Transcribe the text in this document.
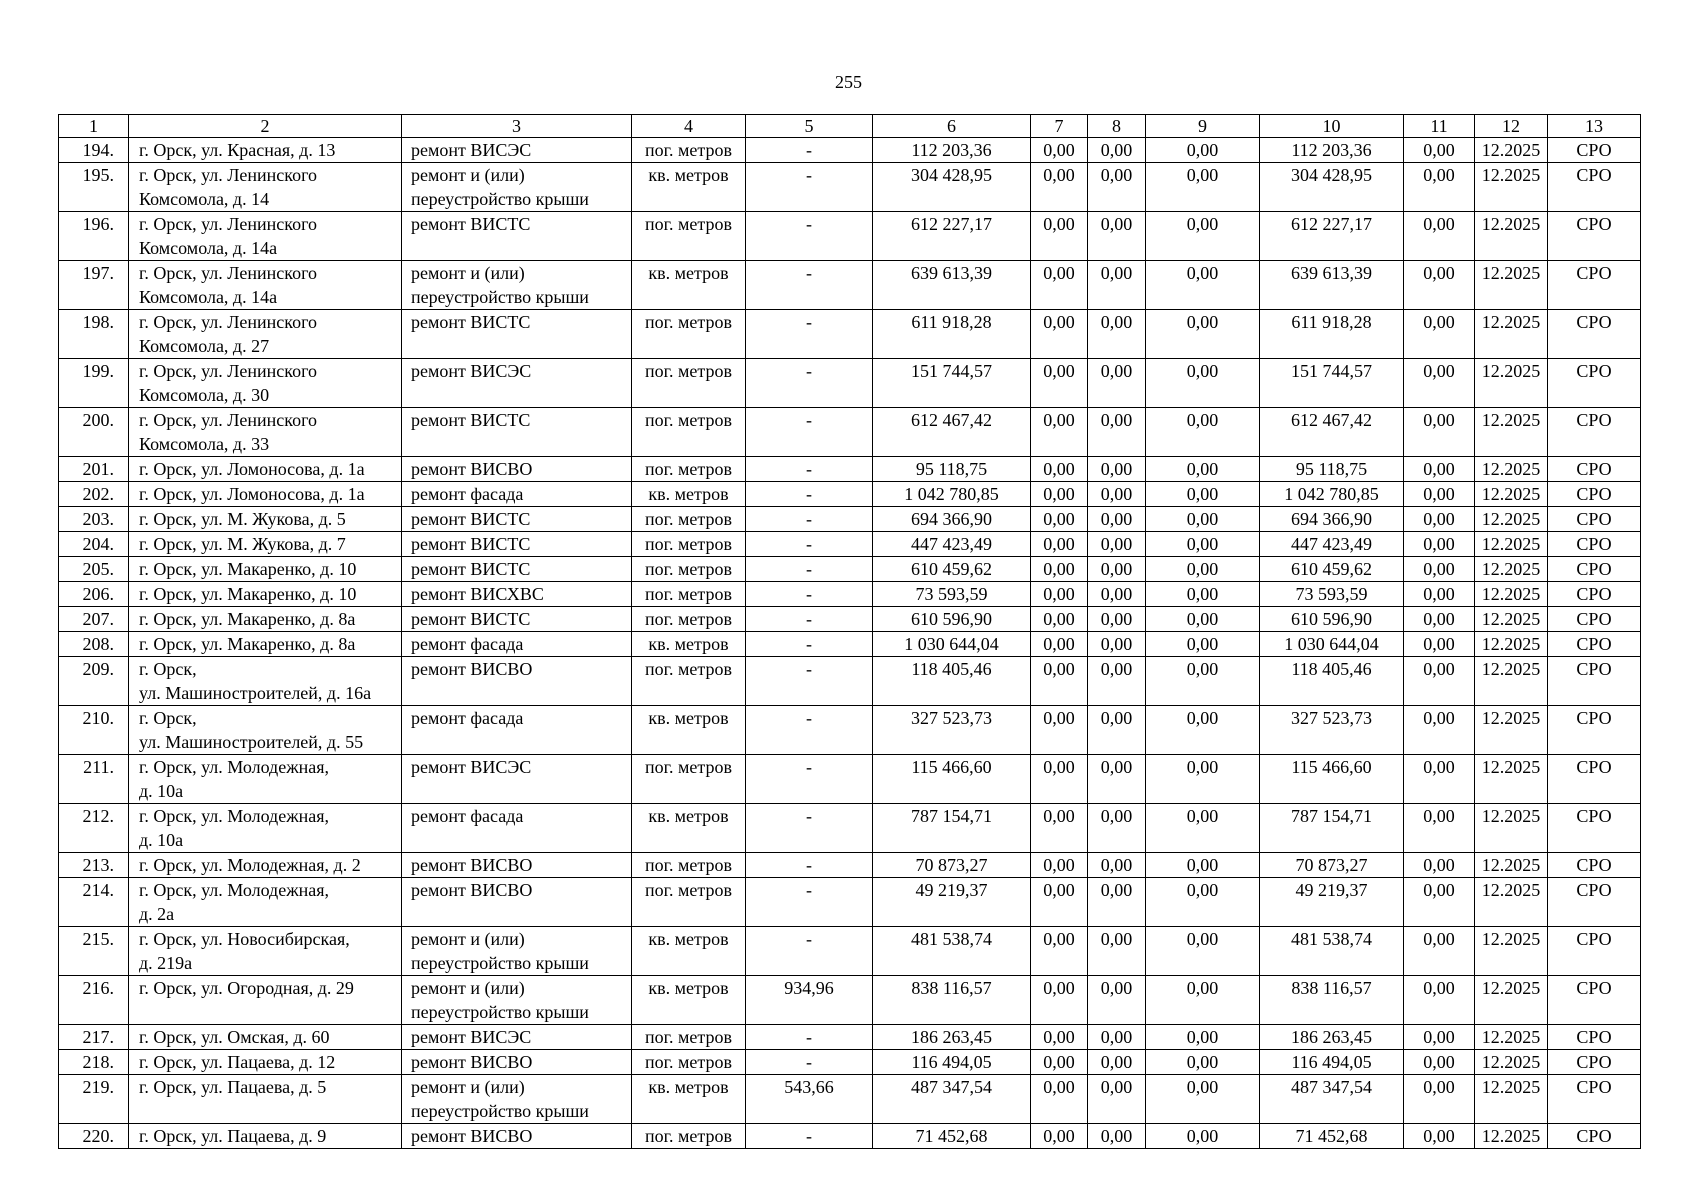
255
1	2	3	4	5	6	7	8	9	10	11	12	13
194.	г. Орск, ул. Красная, д. 13	ремонт ВИСЭС	пог. метров	-	112 203,36	0,00	0,00	0,00	112 203,36	0,00	12.2025	СРО
195.	г. Орск, ул. Ленинского
Комсомола, д. 14	ремонт и (или)
переустройство крыши	кв. метров	-	304 428,95	0,00	0,00	0,00	304 428,95	0,00	12.2025	СРО
196.	г. Орск, ул. Ленинского
Комсомола, д. 14а	ремонт ВИСТС	пог. метров	-	612 227,17	0,00	0,00	0,00	612 227,17	0,00	12.2025	СРО
197.	г. Орск, ул. Ленинского
Комсомола, д. 14а	ремонт и (или)
переустройство крыши	кв. метров	-	639 613,39	0,00	0,00	0,00	639 613,39	0,00	12.2025	СРО
198.	г. Орск, ул. Ленинского
Комсомола, д. 27	ремонт ВИСТС	пог. метров	-	611 918,28	0,00	0,00	0,00	611 918,28	0,00	12.2025	СРО
199.	г. Орск, ул. Ленинского
Комсомола, д. 30	ремонт ВИСЭС	пог. метров	-	151 744,57	0,00	0,00	0,00	151 744,57	0,00	12.2025	СРО
200.	г. Орск, ул. Ленинского
Комсомола, д. 33	ремонт ВИСТС	пог. метров	-	612 467,42	0,00	0,00	0,00	612 467,42	0,00	12.2025	СРО
201.	г. Орск, ул. Ломоносова, д. 1а	ремонт ВИСВО	пог. метров	-	95 118,75	0,00	0,00	0,00	95 118,75	0,00	12.2025	СРО
202.	г. Орск, ул. Ломоносова, д. 1а	ремонт фасада	кв. метров	-	1 042 780,85	0,00	0,00	0,00	1 042 780,85	0,00	12.2025	СРО
203.	г. Орск, ул. М. Жукова, д. 5	ремонт ВИСТС	пог. метров	-	694 366,90	0,00	0,00	0,00	694 366,90	0,00	12.2025	СРО
204.	г. Орск, ул. М. Жукова, д. 7	ремонт ВИСТС	пог. метров	-	447 423,49	0,00	0,00	0,00	447 423,49	0,00	12.2025	СРО
205.	г. Орск, ул. Макаренко, д. 10	ремонт ВИСТС	пог. метров	-	610 459,62	0,00	0,00	0,00	610 459,62	0,00	12.2025	СРО
206.	г. Орск, ул. Макаренко, д. 10	ремонт ВИСХВС	пог. метров	-	73 593,59	0,00	0,00	0,00	73 593,59	0,00	12.2025	СРО
207.	г. Орск, ул. Макаренко, д. 8а	ремонт ВИСТС	пог. метров	-	610 596,90	0,00	0,00	0,00	610 596,90	0,00	12.2025	СРО
208.	г. Орск, ул. Макаренко, д. 8а	ремонт фасада	кв. метров	-	1 030 644,04	0,00	0,00	0,00	1 030 644,04	0,00	12.2025	СРО
209.	г. Орск,
ул. Машиностроителей, д. 16а	ремонт ВИСВО	пог. метров	-	118 405,46	0,00	0,00	0,00	118 405,46	0,00	12.2025	СРО
210.	г. Орск,
ул. Машиностроителей, д. 55	ремонт фасада	кв. метров	-	327 523,73	0,00	0,00	0,00	327 523,73	0,00	12.2025	СРО
211.	г. Орск, ул. Молодежная,
д. 10а	ремонт ВИСЭС	пог. метров	-	115 466,60	0,00	0,00	0,00	115 466,60	0,00	12.2025	СРО
212.	г. Орск, ул. Молодежная,
д. 10а	ремонт фасада	кв. метров	-	787 154,71	0,00	0,00	0,00	787 154,71	0,00	12.2025	СРО
213.	г. Орск, ул. Молодежная, д. 2	ремонт ВИСВО	пог. метров	-	70 873,27	0,00	0,00	0,00	70 873,27	0,00	12.2025	СРО
214.	г. Орск, ул. Молодежная,
д. 2а	ремонт ВИСВО	пог. метров	-	49 219,37	0,00	0,00	0,00	49 219,37	0,00	12.2025	СРО
215.	г. Орск, ул. Новосибирская,
д. 219а	ремонт и (или)
переустройство крыши	кв. метров	-	481 538,74	0,00	0,00	0,00	481 538,74	0,00	12.2025	СРО
216.	г. Орск, ул. Огородная, д. 29	ремонт и (или)
переустройство крыши	кв. метров	934,96	838 116,57	0,00	0,00	0,00	838 116,57	0,00	12.2025	СРО
217.	г. Орск, ул. Омская, д. 60	ремонт ВИСЭС	пог. метров	-	186 263,45	0,00	0,00	0,00	186 263,45	0,00	12.2025	СРО
218.	г. Орск, ул. Пацаева, д. 12	ремонт ВИСВО	пог. метров	-	116 494,05	0,00	0,00	0,00	116 494,05	0,00	12.2025	СРО
219.	г. Орск, ул. Пацаева, д. 5	ремонт и (или)
переустройство крыши	кв. метров	543,66	487 347,54	0,00	0,00	0,00	487 347,54	0,00	12.2025	СРО
220.	г. Орск, ул. Пацаева, д. 9	ремонт ВИСВО	пог. метров	-	71 452,68	0,00	0,00	0,00	71 452,68	0,00	12.2025	СРО
